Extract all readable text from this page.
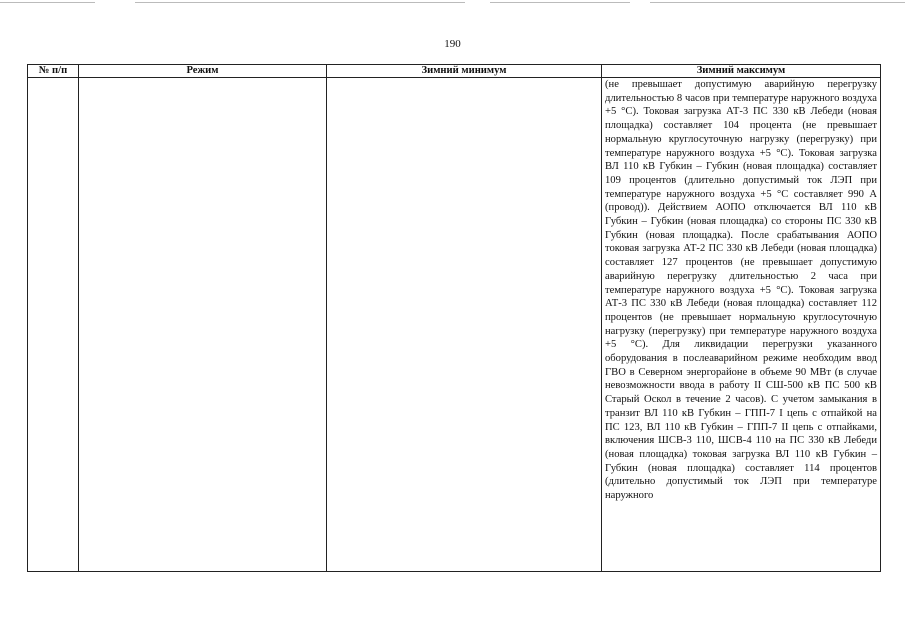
190
№ п/п	Режим	Зимний минимум	Зимний максимум

			(не превышает допустимую аварийную перегрузку длительностью 8 часов при температуре наружного воздуха +5 °С). Токовая загрузка АТ-3 ПС 330 кВ Лебеди (новая площадка) составляет 104 процента (не превышает нормальную круглосуточную нагрузку (перегрузку) при температуре наружного воздуха +5 °С). Токовая загрузка ВЛ 110 кВ Губкин – Губкин (новая площадка) составляет 109 процентов (длительно допустимый ток ЛЭП при температуре наружного воздуха +5 °С составляет 990 А (провод)). Действием АОПО отключается ВЛ 110 кВ Губкин – Губкин (новая площадка) со стороны ПС 330 кВ Губкин (новая площадка). После срабатывания АОПО токовая загрузка АТ-2 ПС 330 кВ Лебеди (новая площадка) составляет 127 процентов (не превышает допустимую аварийную перегрузку длительностью 2 часа при температуре наружного воздуха +5 °С). Токовая загрузка АТ-3 ПС 330 кВ Лебеди (новая площадка) составляет 112 процентов (не превышает нормальную круглосуточную нагрузку (перегрузку) при температуре наружного воздуха +5 °С). Для ликвидации перегрузки указанного оборудования в послеаварийном режиме необходим ввод ГВО в Северном энергорайоне в объеме 90 МВт (в случае невозможности ввода в работу II СШ-500 кВ ПС 500 кВ Старый Оскол в течение 2 часов). С учетом замыкания в транзит ВЛ 110 кВ Губкин – ГПП-7 I цепь с отпайкой на ПС 123, ВЛ 110 кВ Губкин – ГПП-7 II цепь с отпайками, включения ШСВ-3 110, ШСВ-4 110 на ПС 330 кВ Лебеди (новая площадка) токовая загрузка ВЛ 110 кВ Губкин – Губкин (новая площадка) составляет 114 процентов (длительно допустимый ток ЛЭП при температуре наружного
